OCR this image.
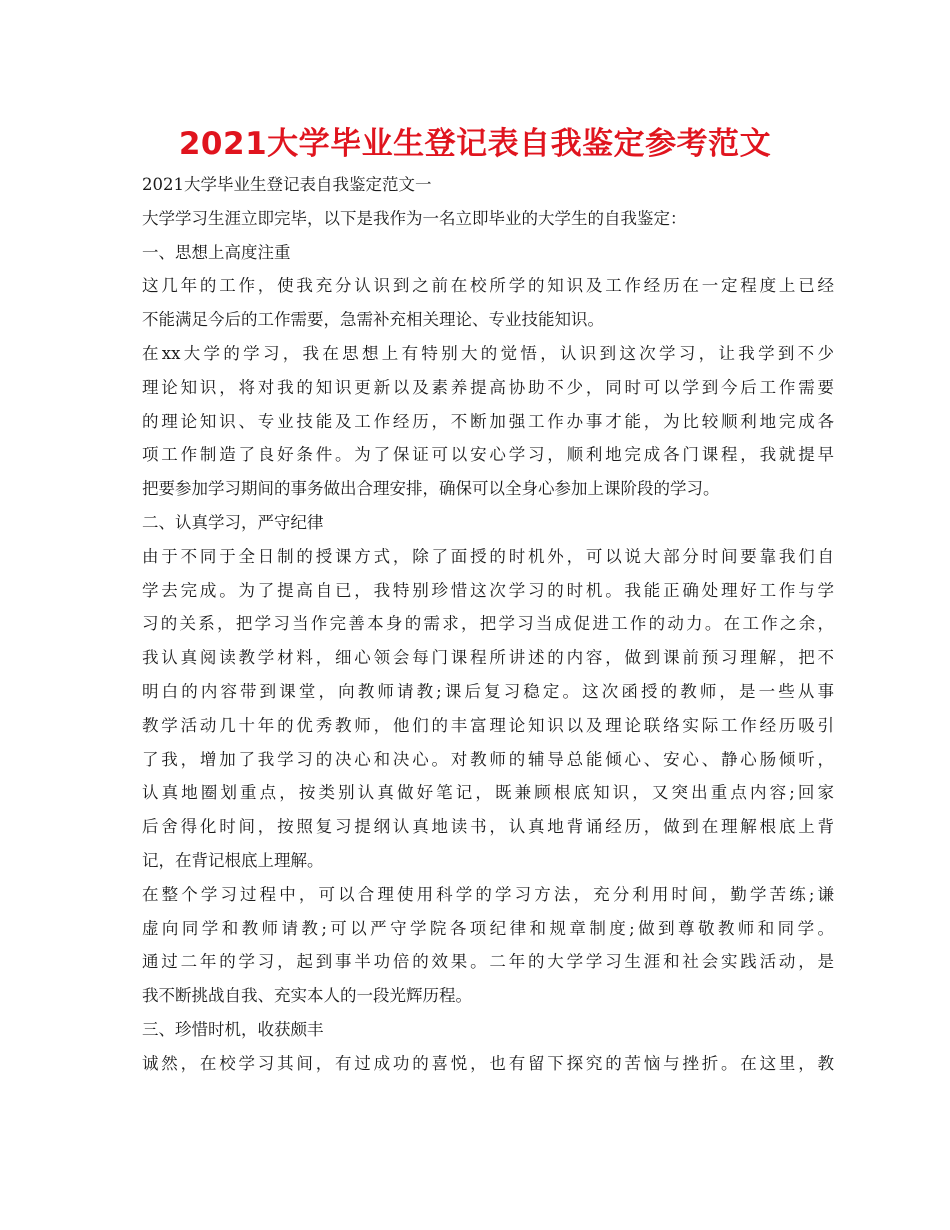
2021大学毕业生登记表自我鉴定参考范文
2021大学毕业生登记表自我鉴定范文一
大学学习生涯立即完毕，以下是我作为一名立即毕业的大学生的自我鉴定：
一、思想上高度注重
这几年的工作，使我充分认识到之前在校所学的知识及工作经历在一定程度上已经
不能满足今后的工作需要，急需补充相关理论、专业技能知识。
在xx大学的学习，我在思想上有特别大的觉悟，认识到这次学习，让我学到不少
理论知识，将对我的知识更新以及素养提高协助不少，同时可以学到今后工作需要
的理论知识、专业技能及工作经历，不断加强工作办事才能，为比较顺利地完成各
项工作制造了良好条件。为了保证可以安心学习，顺利地完成各门课程，我就提早
把要参加学习期间的事务做出合理安排，确保可以全身心参加上课阶段的学习。
二、认真学习，严守纪律
由于不同于全日制的授课方式，除了面授的时机外，可以说大部分时间要靠我们自
学去完成。为了提高自已，我特别珍惜这次学习的时机。我能正确处理好工作与学
习的关系，把学习当作完善本身的需求，把学习当成促进工作的动力。在工作之余，
我认真阅读教学材料，细心领会每门课程所讲述的内容，做到课前预习理解，把不
明白的内容带到课堂，向教师请教;课后复习稳定。这次函授的教师，是一些从事
教学活动几十年的优秀教师，他们的丰富理论知识以及理论联络实际工作经历吸引
了我，增加了我学习的决心和决心。对教师的辅导总能倾心、安心、静心肠倾听，
认真地圈划重点，按类别认真做好笔记，既兼顾根底知识，又突出重点内容;回家
后舍得化时间，按照复习提纲认真地读书，认真地背诵经历，做到在理解根底上背
记，在背记根底上理解。
在整个学习过程中，可以合理使用科学的学习方法，充分利用时间，勤学苦练;谦
虚向同学和教师请教;可以严守学院各项纪律和规章制度;做到尊敬教师和同学。
通过二年的学习，起到事半功倍的效果。二年的大学学习生涯和社会实践活动，是
我不断挑战自我、充实本人的一段光辉历程。
三、珍惜时机，收获颇丰
诚然，在校学习其间，有过成功的喜悦，也有留下探究的苦恼与挫折。在这里，教
